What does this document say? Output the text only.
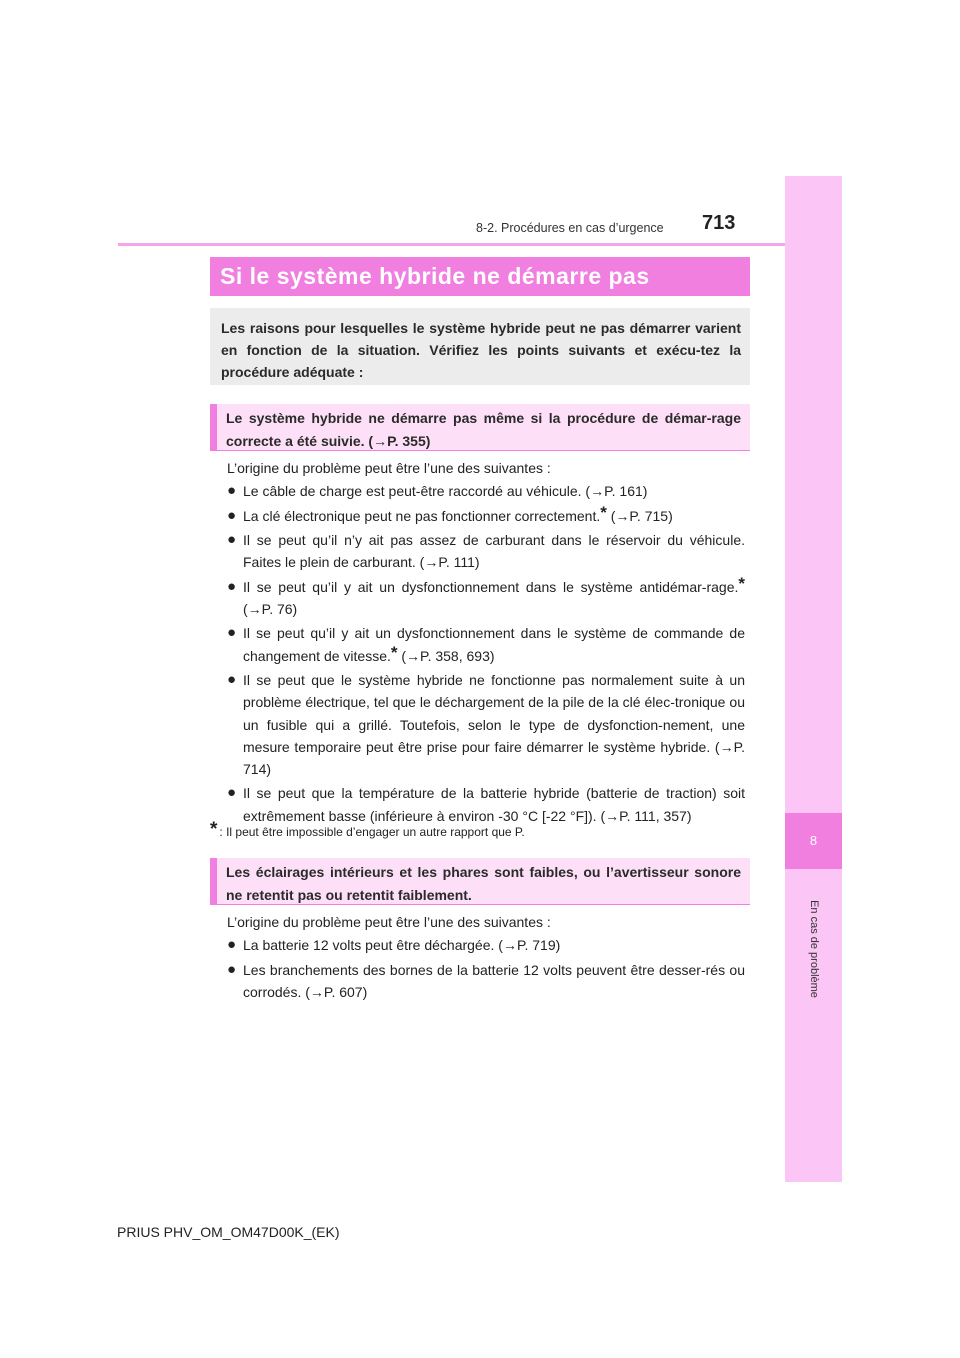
8
En cas de problème
8-2. Procédures en cas d’urgence 713
Si le système hybride ne démarre pas
Les raisons pour lesquelles le système hybride peut ne pas démarrer varient en fonction de la situation. Vérifiez les points suivants et exécu-tez la procédure adéquate :
Le système hybride ne démarre pas même si la procédure de démar-rage correcte a été suivie. (→P. 355)
L’origine du problème peut être l’une des suivantes :
● Le câble de charge est peut-être raccordé au véhicule. (→P. 161)
● La clé électronique peut ne pas fonctionner correctement.* (→P. 715)
● Il se peut qu’il n’y ait pas assez de carburant dans le réservoir du véhicule. Faites le plein de carburant. (→P. 111)
● Il se peut qu’il y ait un dysfonctionnement dans le système antidémar-rage.* (→P. 76)
● Il se peut qu’il y ait un dysfonctionnement dans le système de commande de changement de vitesse.* (→P. 358, 693)
● Il se peut que le système hybride ne fonctionne pas normalement suite à un problème électrique, tel que le déchargement de la pile de la clé élec-tronique ou un fusible qui a grillé. Toutefois, selon le type de dysfonction-nement, une mesure temporaire peut être prise pour faire démarrer le système hybride. (→P. 714)
● Il se peut que la température de la batterie hybride (batterie de traction) soit extrêmement basse (inférieure à environ -30 °C [-22 °F]). (→P. 111, 357)
* : Il peut être impossible d’engager un autre rapport que P.
Les éclairages intérieurs et les phares sont faibles, ou l’avertisseur sonore ne retentit pas ou retentit faiblement.
L’origine du problème peut être l’une des suivantes :
● La batterie 12 volts peut être déchargée. (→P. 719)
● Les branchements des bornes de la batterie 12 volts peuvent être desser-rés ou corrodés. (→P. 607)
PRIUS PHV_OM_OM47D00K_(EK)
